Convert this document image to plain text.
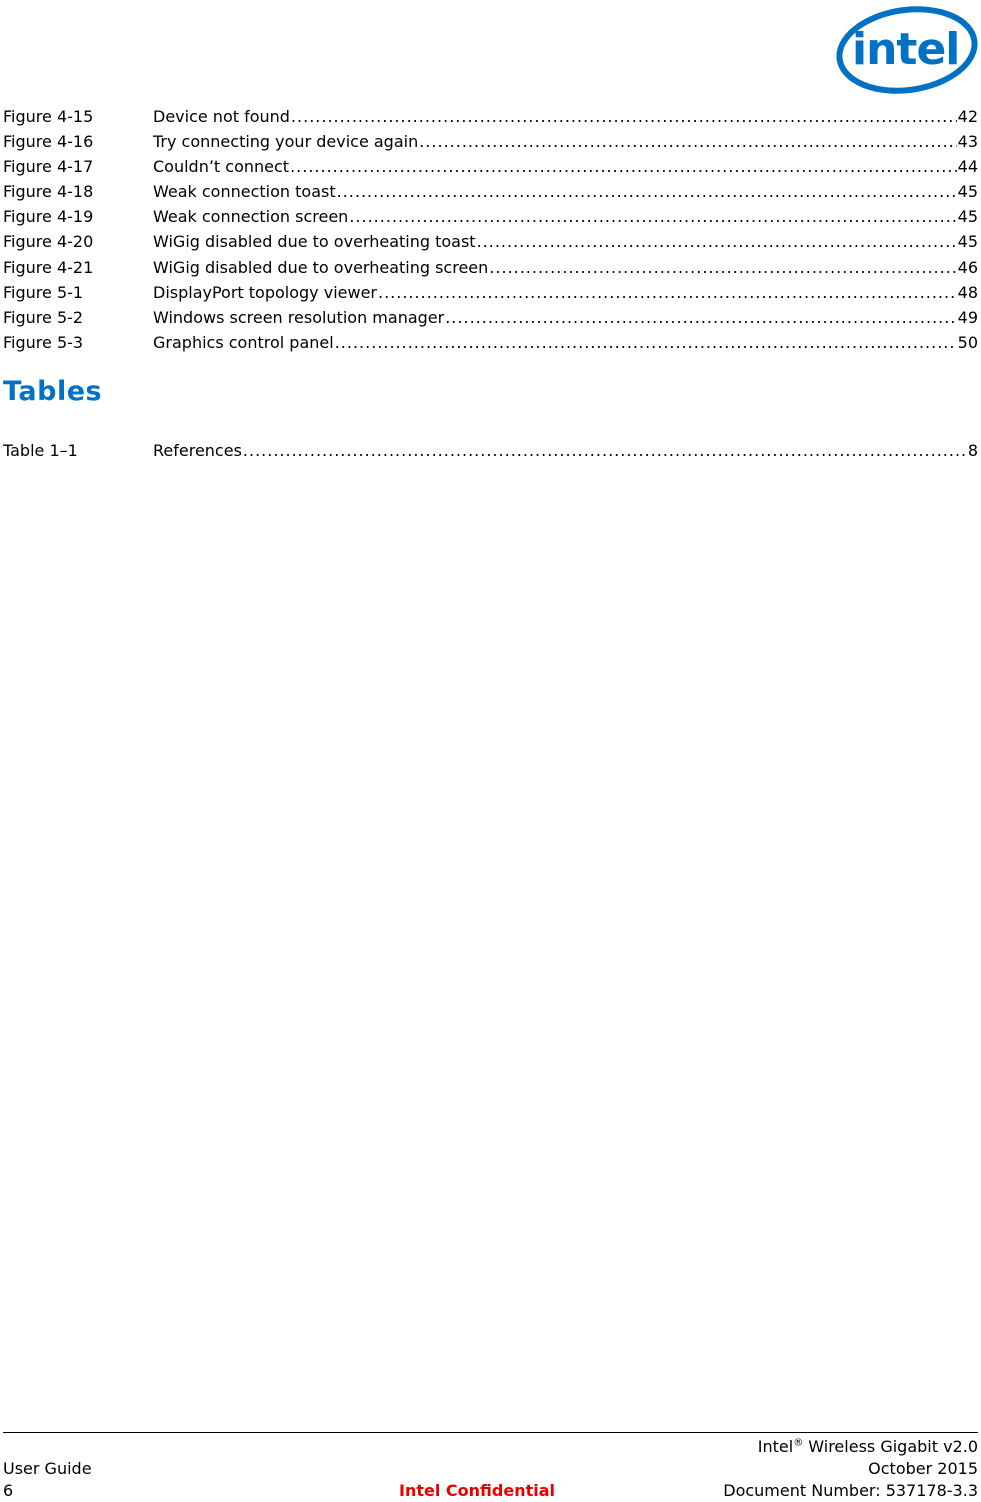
intel
Figure 4-15	Device not found .....	42
Figure 4-16	Try connecting your device again .....	43
Figure 4-17	Couldn’t connect .....	44
Figure 4-18	Weak connection toast .....	45
Figure 4-19	Weak connection screen .....	45
Figure 4-20	WiGig disabled due to overheating toast .....	45
Figure 4-21	WiGig disabled due to overheating screen .....	46
Figure 5-1	DisplayPort topology viewer .....	48
Figure 5-2	Windows screen resolution manager .....	49
Figure 5-3	Graphics control panel .....	50
Tables
Table 1–1	References .....	8
Intel® Wireless Gigabit v2.0
User Guide	October 2015
6	Intel Confidential	Document Number: 537178-3.3
